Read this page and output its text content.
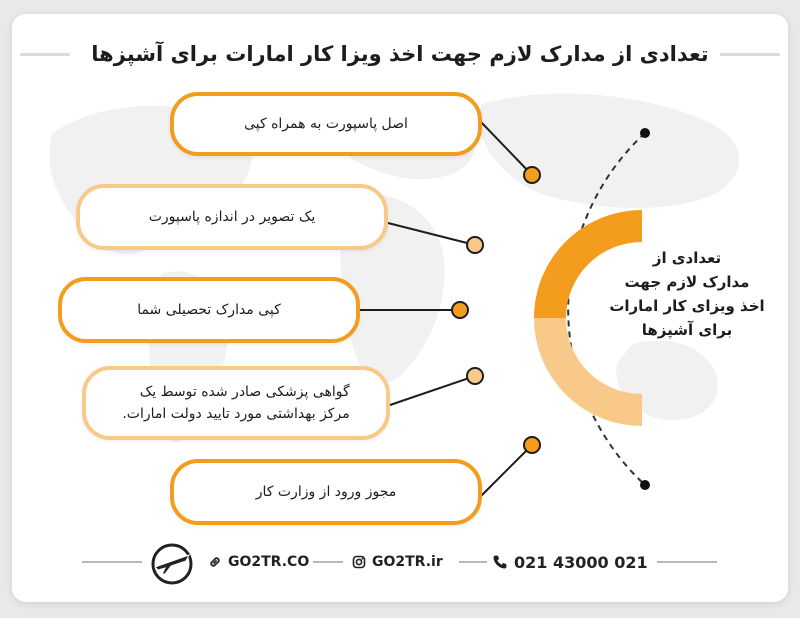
تعدادی از مدارک لازم جهت اخذ ویزا کار امارات برای آشپزها
اصل پاسپورت به همراه کپی
یک تصویر در اندازه پاسپورت
کپی مدارک تحصیلی شما
گواهی پزشکی صادر شده توسط یک
مرکز بهداشتی مورد تایید دولت امارات.
مجوز ورود از وزارت کار
تعدادی از
مدارک لازم جهت
اخذ ویزای کار امارات
برای آشپزها
GO2TR.CO	GO2TR.ir	021 43000 021
